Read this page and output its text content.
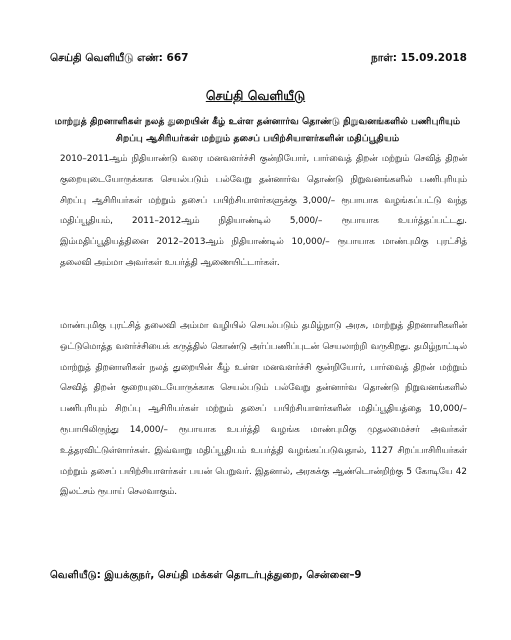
செய்தி வெளியீடு எண்: 667	நாள்: 15.09.2018
செய்தி வெளியீடு
மாற்றுத் திறனாளிகள் நலத் துறையின் கீழ் உள்ள தன்னார்வ தொண்டு நிறுவனங்களில் பணிபுரியும் சிறப்பு ஆசிரியர்கள் மற்றும் தசைப் பயிற்சியாளர்களின் மதிப்பூதியம்
2010–2011ஆம் நிதியாண்டு வரை மனவளர்ச்சி குன்றியோர், பார்வைத் திறன் மற்றும் செவித் திறன் குறையுடையோருக்காக செயல்படும் பல்வேறு தன்னார்வ தொண்டு நிறுவனங்களில் பணிபுரியும் சிறப்பு ஆசிரியர்கள் மற்றும் தசைப் பயிற்சியாளர்களுக்கு 3,000/– ரூபாயாக வழங்கப்பட்டு வந்த மதிப்பூதியம், 2011–2012ஆம் நிதியாண்டில் 5,000/– ரூபாயாக உயர்த்தப்பட்டது. இம்மதிப்பூதியத்தினை 2012–2013ஆம் நிதியாண்டில் 10,000/– ரூபாயாக மாண்புமிகு புரட்சித் தலைவி அம்மா அவர்கள் உயர்த்தி ஆணையிட்டார்கள்.
மாண்புமிகு புரட்சித் தலைவி அம்மா வழியில் செயல்படும் தமிழ்நாடு அரசு, மாற்றுத் திறனாளிகளின் ஒட்டுமொத்த வளர்ச்சியைக் கருத்தில் கொண்டு அர்ப்பணிப்புடன் செயலாற்றி வருகிறது. தமிழ்நாட்டில் மாற்றுத் திறனாளிகள் நலத் துறையின் கீழ் உள்ள மனவளர்ச்சி குன்றியோர், பார்வைத் திறன் மற்றும் செவித் திறன் குறையுடையோருக்காக செயல்படும் பல்வேறு தன்னார்வ தொண்டு நிறுவனங்களில் பணிபுரியும் சிறப்பு ஆசிரியர்கள் மற்றும் தசைப் பயிற்சியாளர்களின் மதிப்பூதியத்தை 10,000/– ரூபாயிலிருந்து 14,000/– ரூபாயாக உயர்த்தி வழங்க மாண்புமிகு முதலமைச்சர் அவர்கள் உத்தரவிட்டுள்ளார்கள். இவ்வாறு மதிப்பூதியம் உயர்த்தி வழங்கப்படுவதால், 1127 சிறப்பாசிரியர்கள் மற்றும் தசைப் பயிற்சியாளர்கள் பயன் பெறுவர். இதனால், அரசுக்கு ஆண்டொன்றிற்கு 5 கோடியே 42 இலட்சம் ரூபாய் செலவாகும்.
வெளியீடு: இயக்குநர், செய்தி மக்கள் தொடர்புத்துறை, சென்னை–9
